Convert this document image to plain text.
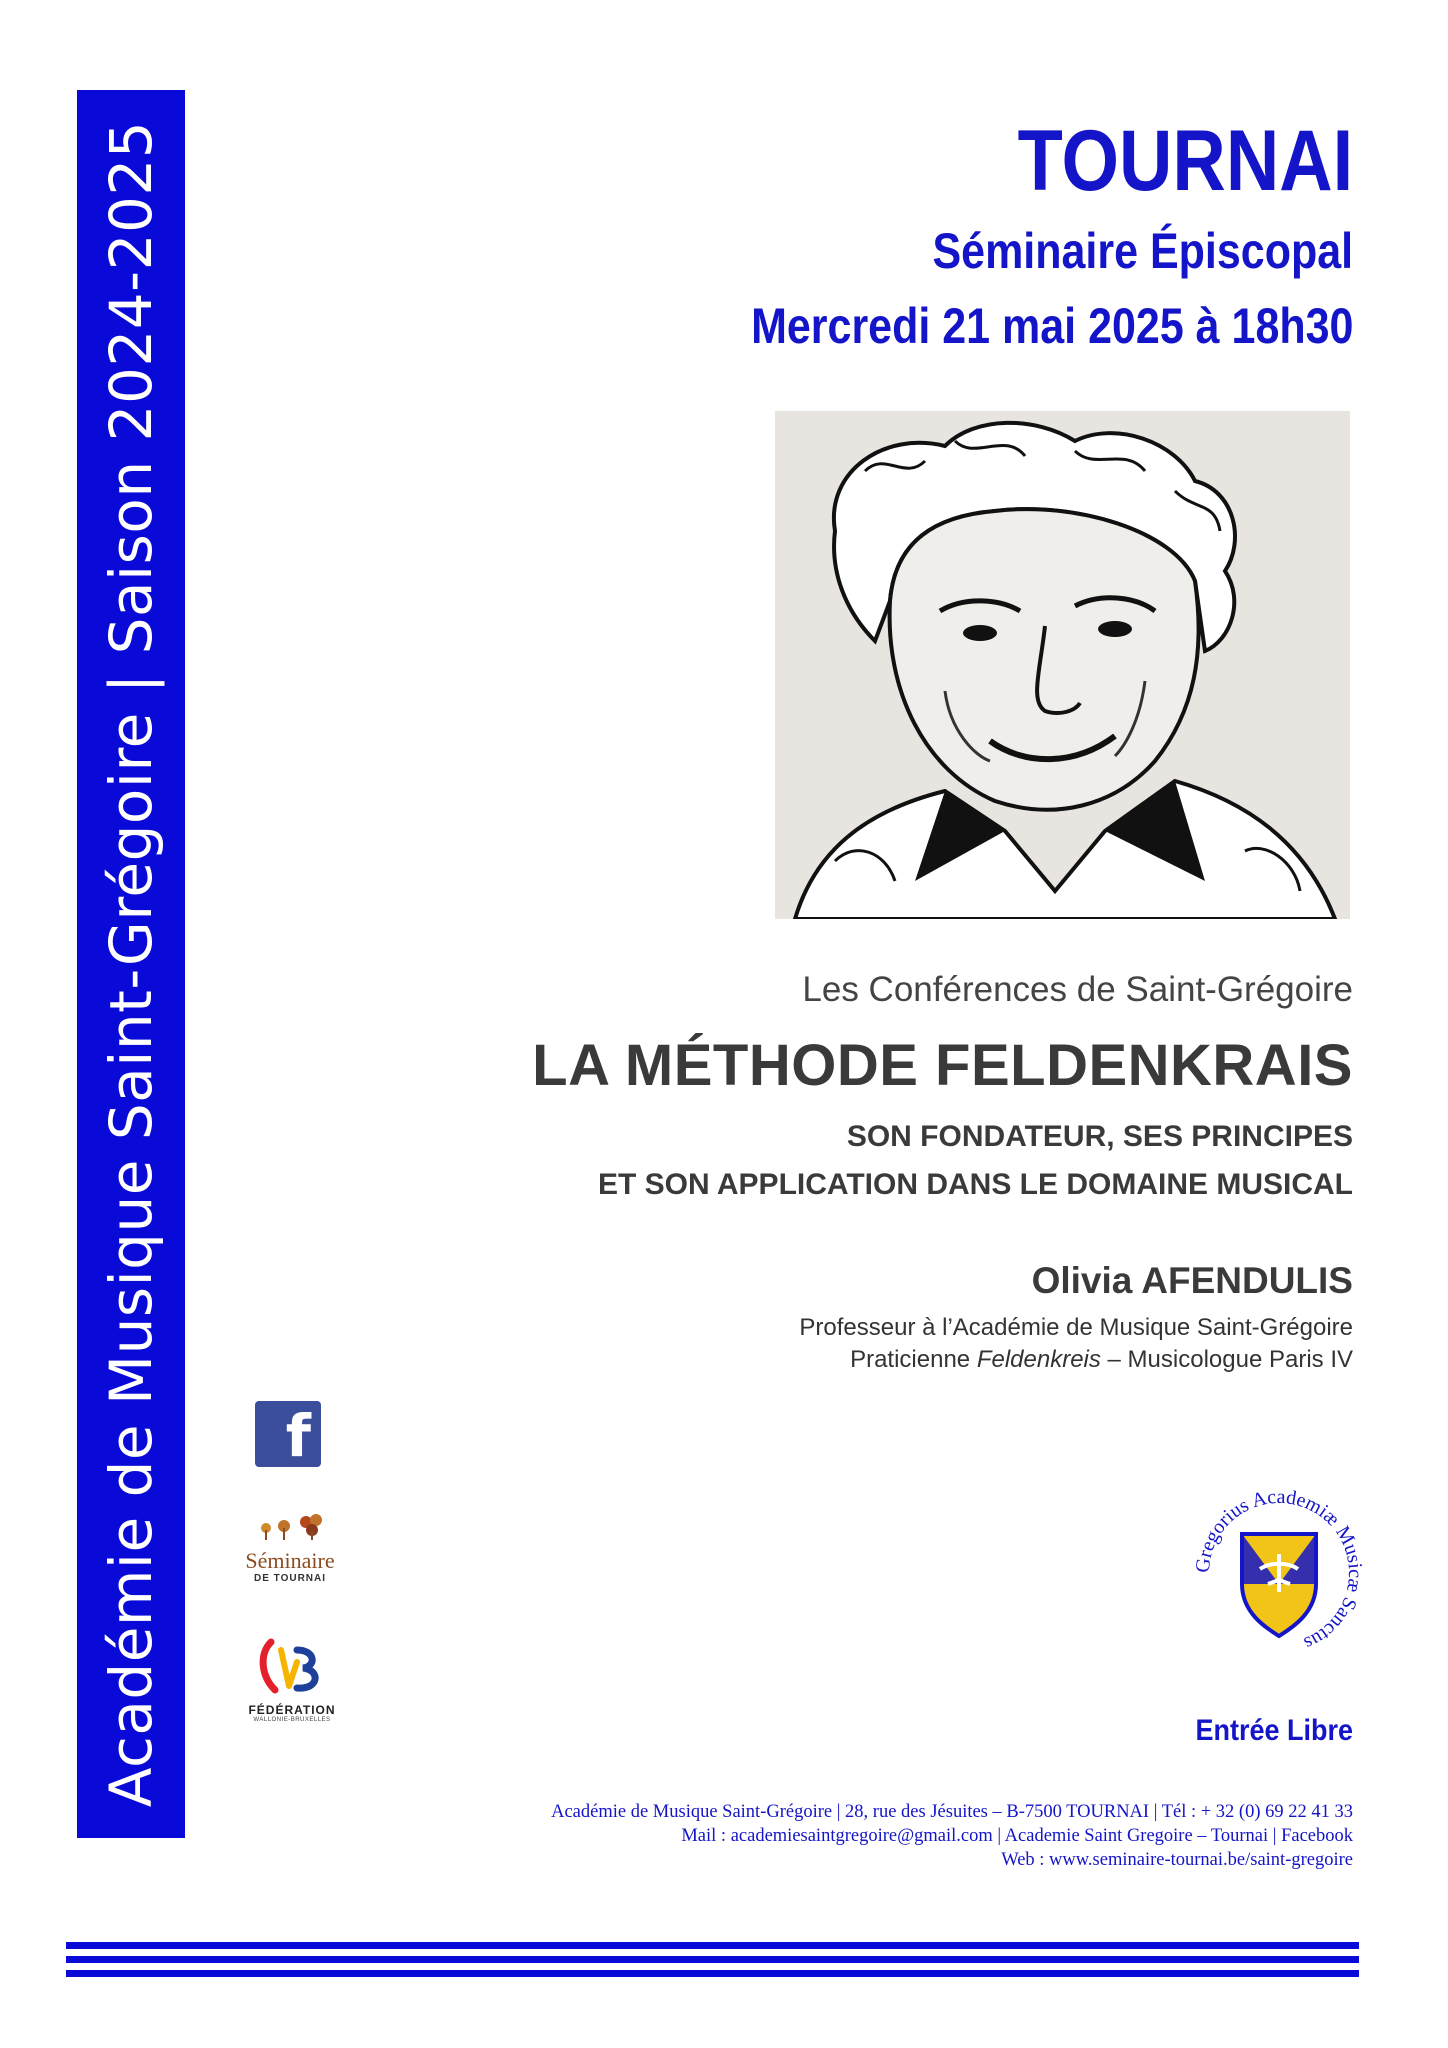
Académie de Musique Saint-Grégoire | Saison 2024-2025	TOURNAI
Séminaire Épiscopal
Mercredi 21 mai 2025 à 18h30
Les Conférences de Saint-Grégoire
LA MÉTHODE FELDENKRAIS
SON FONDATEUR, SES PRINCIPES
ET SON APPLICATION DANS LE DOMAINE MUSICAL
Olivia AFENDULIS
Professeur à l’Académie de Musique Saint-Grégoire
Praticienne Feldenkreis – Musicologue Paris IV
f
Séminaire
DE TOURNAI
FÉDÉRATION
WALLONIE-BRUXELLES
Gregorius Academiæ Musicæ Sanctus
Entrée Libre
Académie de Musique Saint-Grégoire | 28, rue des Jésuites – B-7500 TOURNAI | Tél : + 32 (0) 69 22 41 33
Mail : academiesaintgregoire@gmail.com | Academie Saint Gregoire – Tournai | Facebook
Web : www.seminaire-tournai.be/saint-gregoire
